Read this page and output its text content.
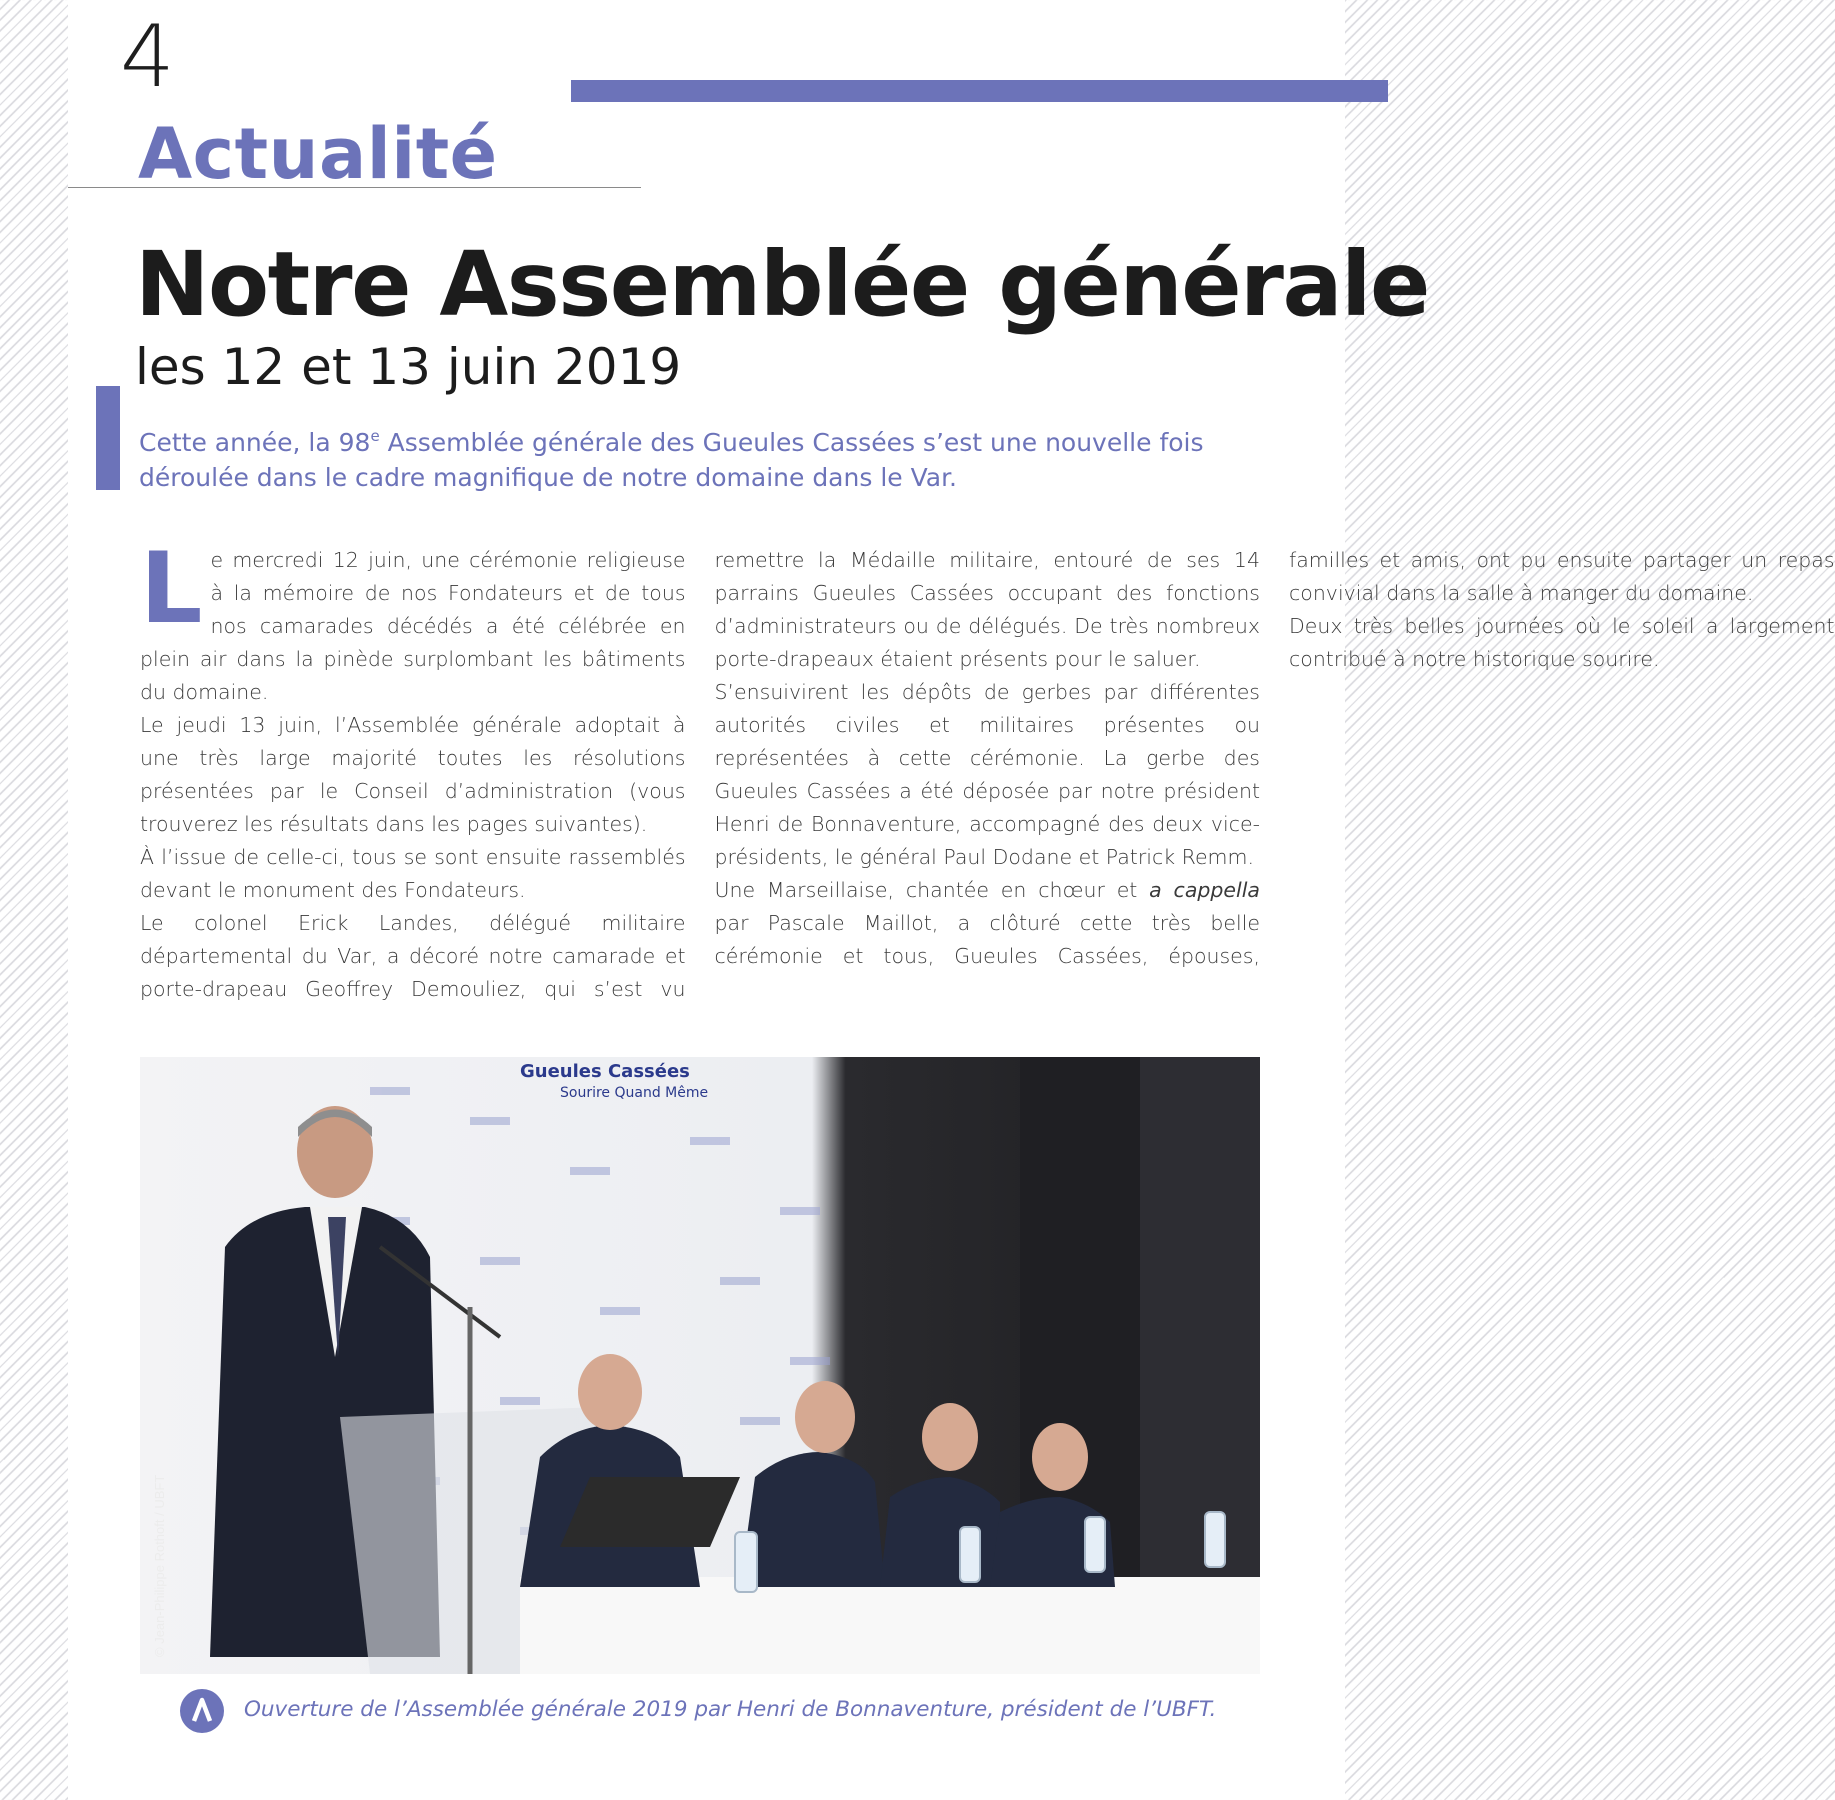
4
Actualité
Notre Assemblée générale
les 12 et 13 juin 2019

Cette année, la 98e Assemblée générale des Gueules Cassées s’est une nouvelle fois déroulée dans le cadre magnifique de notre domaine dans le Var.

Le mercredi 12 juin, une cérémonie religieuse à la mémoire de nos Fondateurs et de tous nos camarades décédés a été célébrée en plein air dans la pinède surplombant les bâtiments du domaine.

Le jeudi 13 juin, l’Assemblée générale adoptait à une très large majorité toutes les résolutions présentées par le Conseil d’administration (vous trouverez les résultats dans les pages suivantes).

À l’issue de celle-ci, tous se sont ensuite rassemblés devant le monument des Fondateurs.

Le colonel Erick Landes, délégué militaire départemental du Var, a décoré notre camarade et porte-drapeau Geoffrey Demouliez, qui s’est vu remettre la Médaille militaire, entouré de ses 14 parrains Gueules Cassées occupant des fonctions d’administrateurs ou de délégués. De très nombreux porte-drapeaux étaient présents pour le saluer.

S’ensuivirent les dépôts de gerbes par différentes autorités civiles et militaires présentes ou représentées à cette cérémonie. La gerbe des Gueules Cassées a été déposée par notre président Henri de Bonnaventure, accompagné des deux vice-présidents, le général Paul Dodane et Patrick Remm.

Une Marseillaise, chantée en chœur et a cappella par Pascale Maillot, a clôturé cette très belle cérémonie et tous, Gueules Cassées, épouses, familles et amis, ont pu ensuite partager un repas convivial dans la salle à manger du domaine.

Deux très belles journées où le soleil a largement contribué à notre historique sourire.

Gueules Cassées
Sourire Quand Même
© Jean-Philippe Rothoft / UBFT
Ouverture de l’Assemblée générale 2019 par Henri de Bonnaventure, président de l’UBFT.
